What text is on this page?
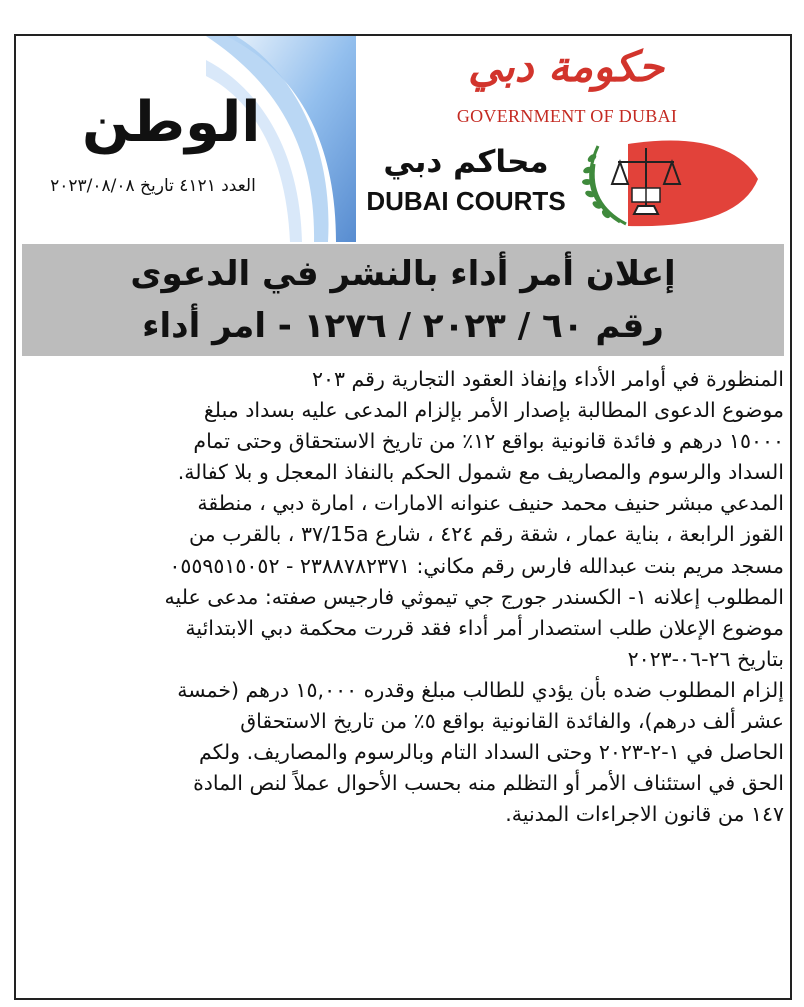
الوطن
العدد ٤١٢١ تاريخ ٢٠٢٣/٠٨/٠٨
حكومة دبي
GOVERNMENT OF DUBAI
محاكم دبي
DUBAI COURTS

إعلان أمر أداء بالنشر في الدعوى

رقم ٦٠ / ٢٠٢٣ / ١٢٧٦ - امر أداء

المنظورة في أوامر الأداء وإنفاذ العقود التجارية رقم ٢٠٣

موضوع الدعوى المطالبة بإصدار الأمر بإلزام المدعى عليه بسداد مبلغ

١٥٠٠٠ درهم و فائدة قانونية بواقع ١٢٪ من تاريخ الاستحقاق وحتى تمام

السداد والرسوم والمصاريف مع شمول الحكم بالنفاذ المعجل و بلا كفالة.

المدعي مبشر حنيف محمد حنيف عنوانه الامارات ، امارة دبي ، منطقة

القوز الرابعة ، بناية عمار ، شقة رقم ٤٢٤ ، شارع 15a/٣٧ ، بالقرب من

مسجد مريم بنت عبدالله فارس رقم مكاني: ٢٣٨٨٧٨٢٣٧١ - ٠٥٥٩٥١٥٠٥٢

المطلوب إعلانه ١- الكسندر جورج جي تيموثي فارجيس صفته: مدعى عليه

موضوع الإعلان طلب استصدار أمر أداء فقد قررت محكمة دبي الابتدائية

بتاريخ ٢٦-٠٦-٢٠٢٣

إلزام المطلوب ضده بأن يؤدي للطالب مبلغ وقدره ١٥,٠٠٠ درهم (خمسة

عشر ألف درهم)، والفائدة القانونية بواقع ٥٪ من تاريخ الاستحقاق

الحاصل في ١-٢-٢٠٢٣ وحتى السداد التام وبالرسوم والمصاريف. ولكم

الحق في استئناف الأمر أو التظلم منه بحسب الأحوال عملاً لنص المادة

١٤٧ من قانون الاجراءات المدنية.
